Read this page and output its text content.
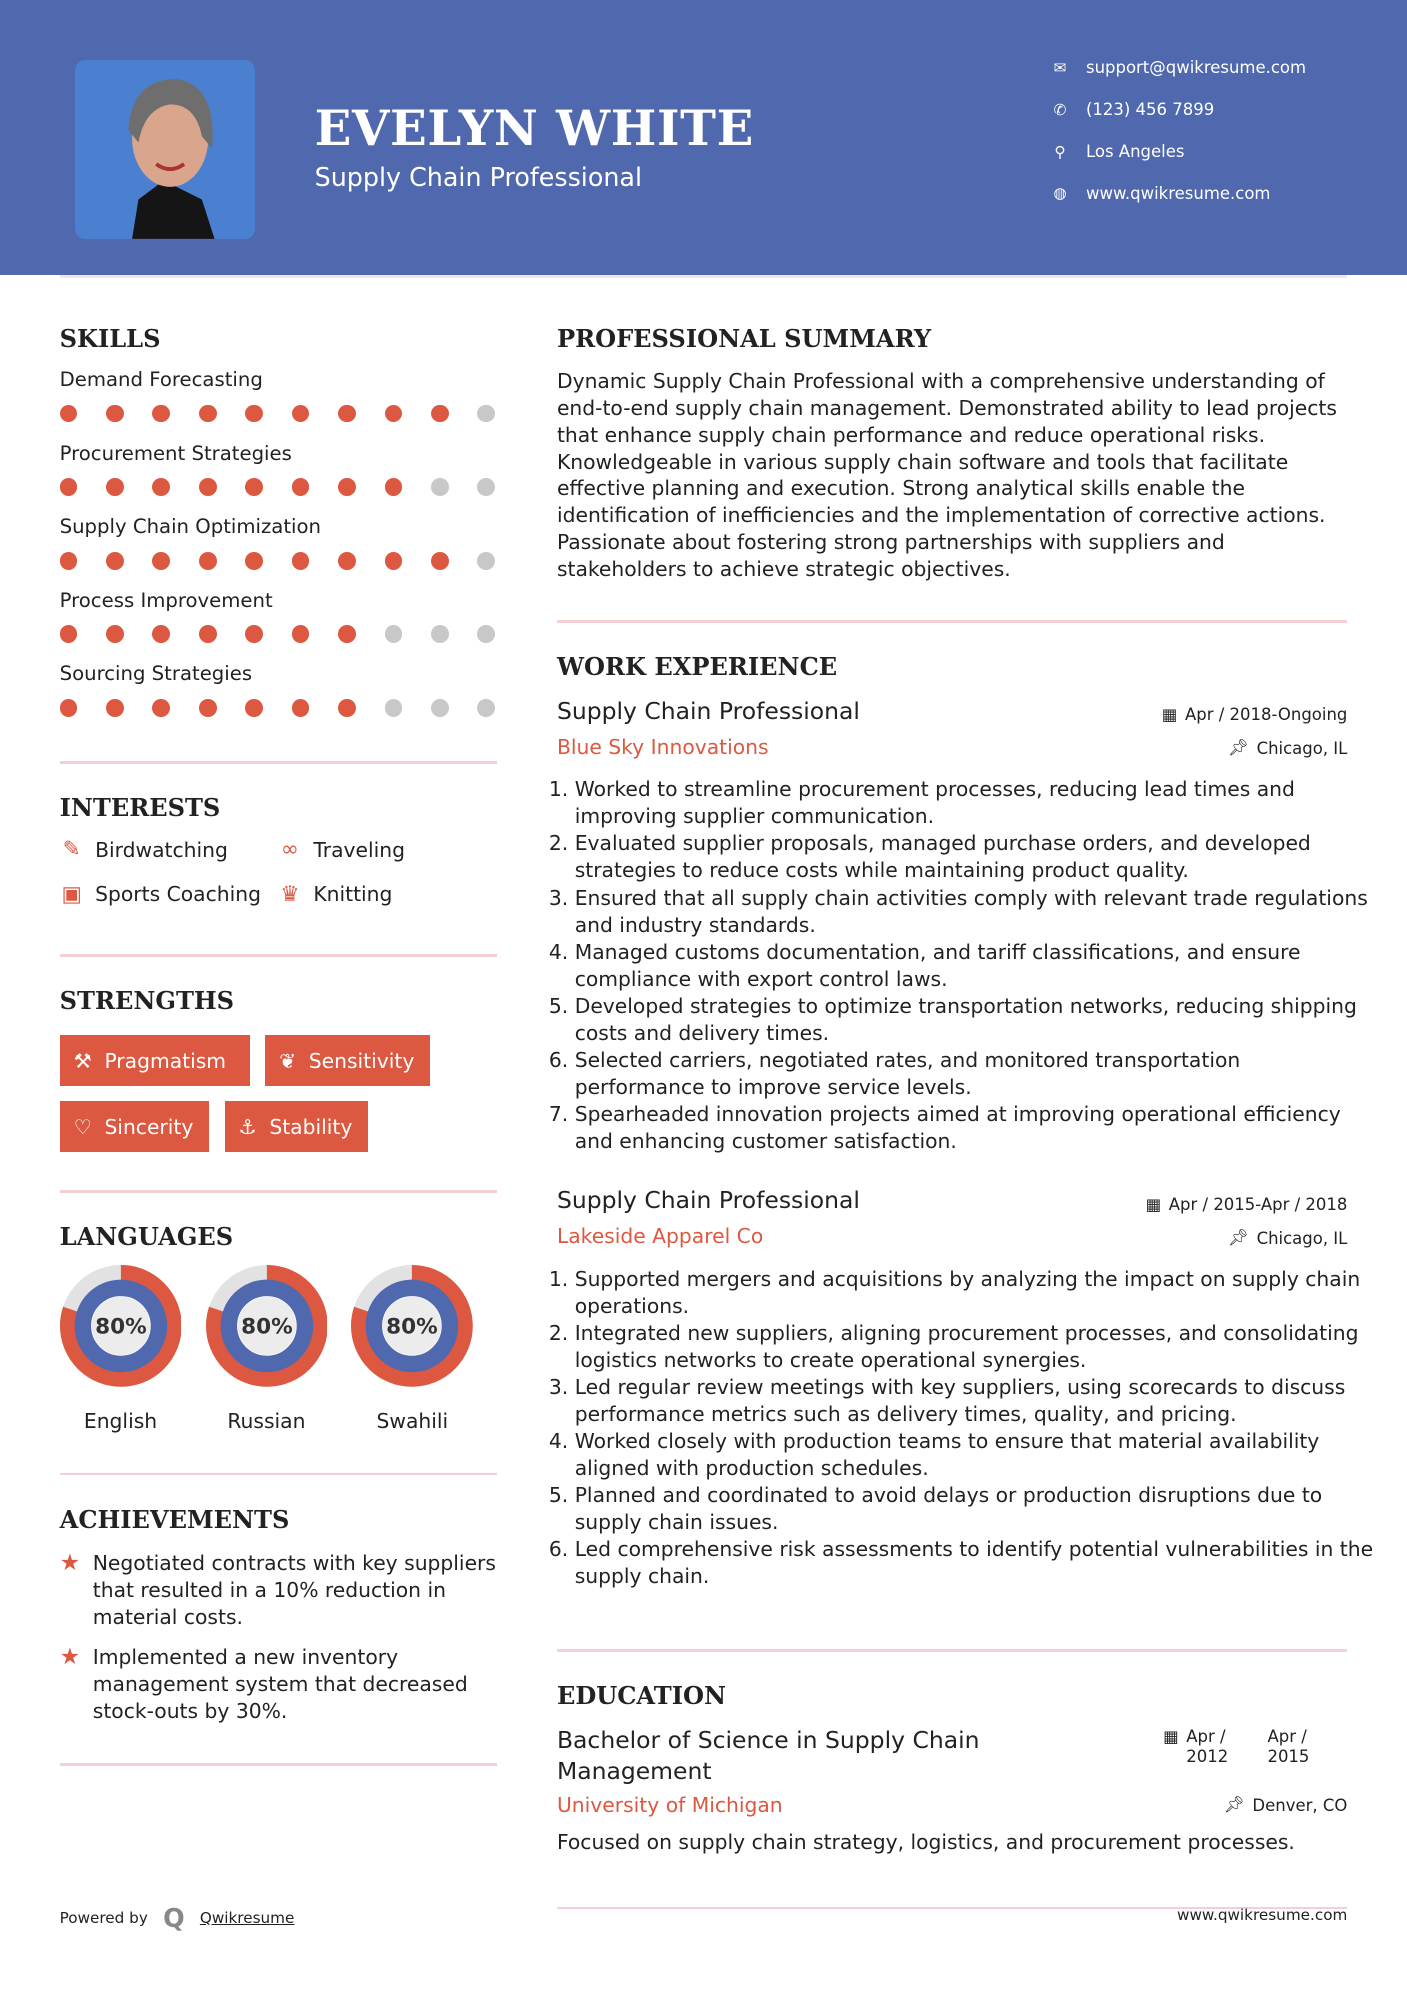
EVELYN WHITE
Supply Chain Professional
✉ support@qwikresume.com
✆ (123) 456 7899
⚲ Los Angeles
◍ www.qwikresume.com
SKILLS
INTERESTS
✎ Birdwatching	∞ Traveling
▣ Sports Coaching ♛ Knitting
STRENGTHS
⚒ Pragmatism	❦ Sensitivity
♡ Sincerity	⚓ Stability
LANGUAGES
ACHIEVEMENTS
★ Negotiated contracts with key suppliers that resulted in a 10% reduction in material costs.
★ Implemented a new inventory management system that decreased stock-outs by 30%.
Powered by Q Qwikresume
PROFESSIONAL SUMMARY
Dynamic Supply Chain Professional with a comprehensive understanding of end-to-end supply chain management. Demonstrated ability to lead projects that enhance supply chain performance and reduce operational risks. Knowledgeable in various supply chain software and tools that facilitate effective planning and execution. Strong analytical skills enable the identification of inefficiencies and the implementation of corrective actions. Passionate about fostering strong partnerships with suppliers and stakeholders to achieve strategic objectives.
WORK EXPERIENCE
EDUCATION
Bachelor of Science in Supply Chain Management
▦ Apr / 2012
Apr / 2015
University of Michigan	📌︎ Denver, CO
Focused on supply chain strategy, logistics, and procurement processes.
www.qwikresume.com
Demand Forecasting
Procurement Strategies
Supply Chain Optimization
Process Improvement
Sourcing Strategies
80%
English
80%
Russian
80%
Swahili
Supply Chain Professional	▦ Apr / 2018-Ongoing
Blue Sky Innovations	📌︎ Chicago, IL
1. Worked to streamline procurement processes, reducing lead times and improving supplier communication.
2. Evaluated supplier proposals, managed purchase orders, and developed strategies to reduce costs while maintaining product quality.
3. Ensured that all supply chain activities comply with relevant trade regulations and industry standards.
4. Managed customs documentation, and tariff classifications, and ensure compliance with export control laws.
5. Developed strategies to optimize transportation networks, reducing shipping costs and delivery times.
6. Selected carriers, negotiated rates, and monitored transportation performance to improve service levels.
7. Spearheaded innovation projects aimed at improving operational efficiency and enhancing customer satisfaction.
Supply Chain Professional	▦ Apr / 2015-Apr / 2018
Lakeside Apparel Co	📌︎ Chicago, IL
1. Supported mergers and acquisitions by analyzing the impact on supply chain operations.
2. Integrated new suppliers, aligning procurement processes, and consolidating logistics networks to create operational synergies.
3. Led regular review meetings with key suppliers, using scorecards to discuss performance metrics such as delivery times, quality, and pricing.
4. Worked closely with production teams to ensure that material availability aligned with production schedules.
5. Planned and coordinated to avoid delays or production disruptions due to supply chain issues.
6. Led comprehensive risk assessments to identify potential vulnerabilities in the supply chain.
